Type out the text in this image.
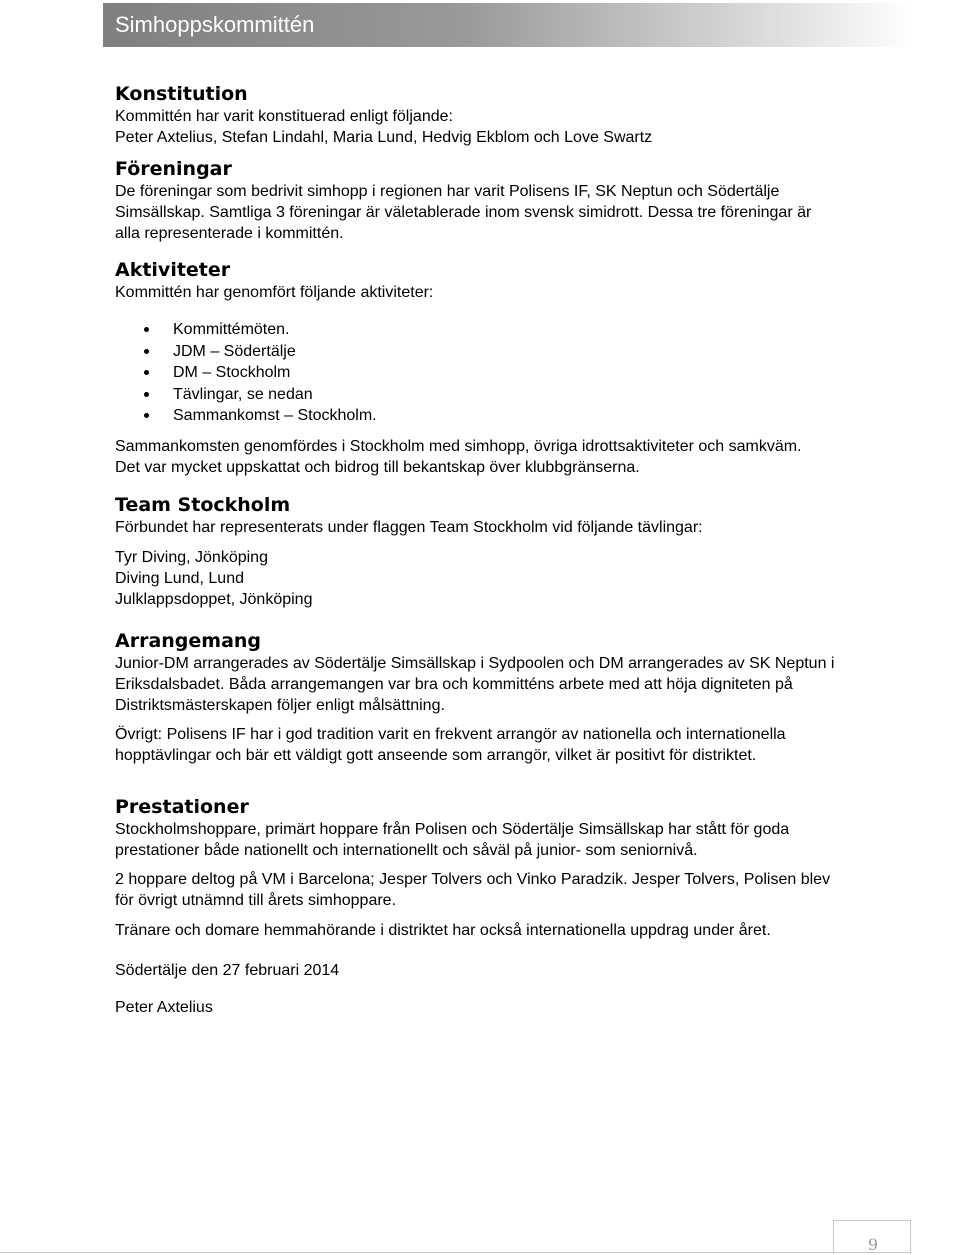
Simhoppskommittén
Konstitution

Kommittén har varit konstituerad enligt följande:

Peter Axtelius, Stefan Lindahl, Maria Lund, Hedvig Ekblom och Love Swartz

Föreningar

De föreningar som bedrivit simhopp i regionen har varit Polisens IF, SK Neptun och Södertälje Simsällskap. Samtliga 3 föreningar är väletablerade inom svensk simidrott. Dessa tre föreningar är alla representerade i kommittén.

Aktiviteter

Kommittén har genomfört följande aktiviteter:

Kommittémöten.
JDM – Södertälje
DM – Stockholm
Tävlingar, se nedan
Sammankomst – Stockholm.

Sammankomsten genomfördes i Stockholm med simhopp, övriga idrottsaktiviteter och samkväm. Det var mycket uppskattat och bidrog till bekantskap över klubbgränserna.

Team Stockholm

Förbundet har representerats under flaggen Team Stockholm vid följande tävlingar:

Tyr Diving, Jönköping

Diving Lund, Lund

Julklappsdoppet, Jönköping

Arrangemang

Junior-DM arrangerades av Södertälje Simsällskap i Sydpoolen och DM arrangerades av SK Neptun i Eriksdalsbadet. Båda arrangemangen var bra och kommitténs arbete med att höja digniteten på Distriktsmästerskapen följer enligt målsättning.

Övrigt: Polisens IF har i god tradition varit en frekvent arrangör av nationella och internationella hopptävlingar och bär ett väldigt gott anseende som arrangör, vilket är positivt för distriktet.

Prestationer

Stockholmshoppare, primärt hoppare från Polisen och Södertälje Simsällskap har stått för goda prestationer både nationellt och internationellt och såväl på junior- som seniornivå.

2 hoppare deltog på VM i Barcelona; Jesper Tolvers och Vinko Paradzik. Jesper Tolvers, Polisen blev för övrigt utnämnd till årets simhoppare.

Tränare och domare hemmahörande i distriktet har också internationella uppdrag under året.

Södertälje den 27 februari 2014

Peter Axtelius

9
